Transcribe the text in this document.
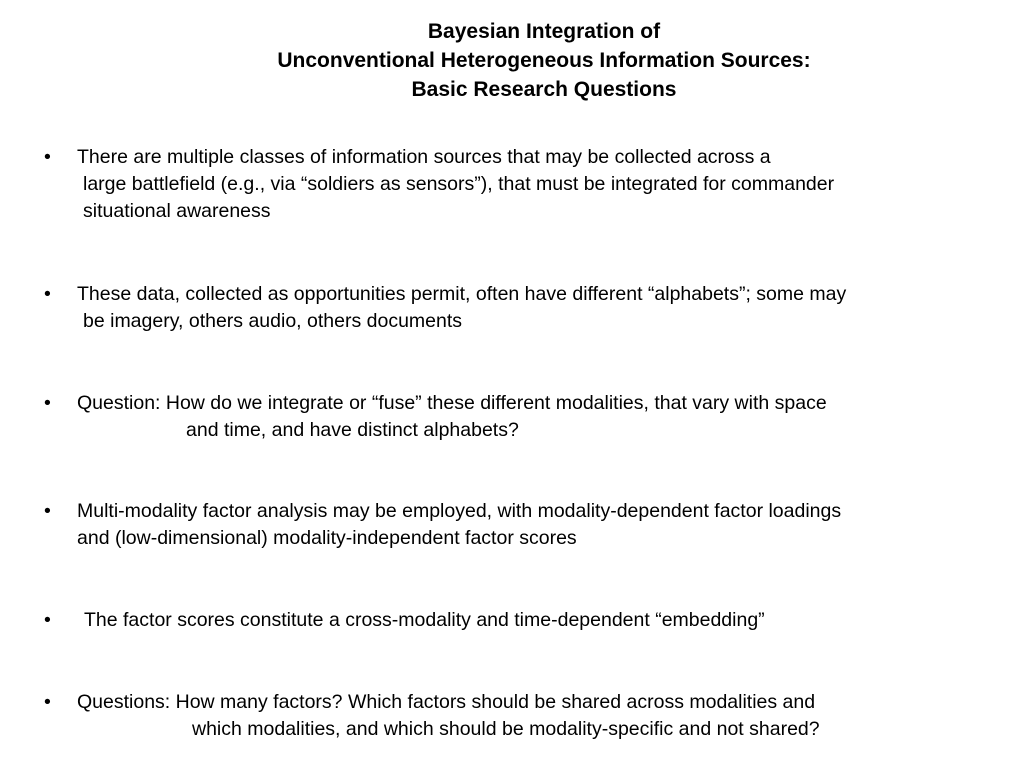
Bayesian Integration of
Unconventional Heterogeneous Information Sources:
Basic Research Questions
• There are multiple classes of information sources that may be collected across a
large battlefield (e.g., via “soldiers as sensors”), that must be integrated for commander
situational awareness
• These data, collected as opportunities permit, often have different “alphabets”; some may
be imagery, others audio, others documents
• Question: How do we integrate or “fuse” these different modalities, that vary with space
and time, and have distinct alphabets?
• Multi-modality factor analysis may be employed, with modality-dependent factor loadings
and (low-dimensional) modality-independent factor scores
• The factor scores constitute a cross-modality and time-dependent “embedding”
• Questions: How many factors? Which factors should be shared across modalities and
which modalities, and which should be modality-specific and not shared?
